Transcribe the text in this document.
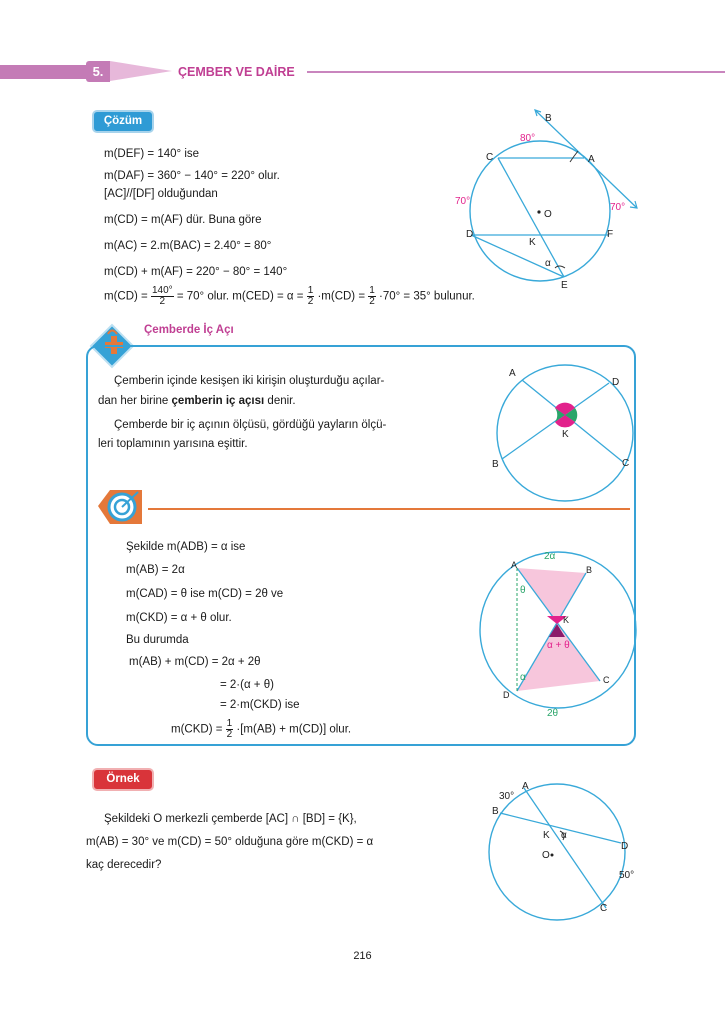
5.	ÇEMBER VE DAİRE
Çözüm
m(DEF) = 140° ise
m(DAF) = 360° − 140° = 220° olur.
[AC]//[DF] olduğundan
m(CD) = m(AF) dür. Buna göre
m(AC) = 2.m(BAC) = 2.40° = 80°
m(CD) + m(AF) = 220° − 80° = 140°
$m(CD) = \frac{140^\circ}{2} = 70^\circ$ olur. $m(CED) = \alpha = \frac{1}{2} \cdot m(CD) = \frac{1}{2} \cdot 70^\circ = 35^\circ$ bulunur.
B
A
C
O
D
K
F
E
α
80°
70°
70°
Çemberde İç Açı
Çemberin içinde kesişen iki kirişin oluşturduğu açılar-
dan her birine çemberin iç açısı denir.
Çemberde bir iç açının ölçüsü, gördüğü yayların ölçü-
leri toplamının yarısına eşittir.
A
D
K
B	C
Şekilde m(ADB) = α ise
m(AB) = 2α
m(CAD) = θ ise m(CD) = 2θ ve
m(CKD) = α + θ olur.
Bu durumda
m(AB) + m(CD) = 2α + 2θ
= 2·(α + θ)
= 2·m(CKD) ise
$m(CKD) = \frac{1}{2} \cdot[m(AB) + m(CD)]$ olur.
2α
2θ
θ
α
α + θ
A	B
K
D
C
Örnek
Şekildeki O merkezli çemberde [AC] ∩ [BD] = {K},
m(AB) = 30° ve m(CD) = 50° olduğuna göre m(CKD) = α
kaç derecedir?
A
B
K α
O
D
C
30°
50°
216
